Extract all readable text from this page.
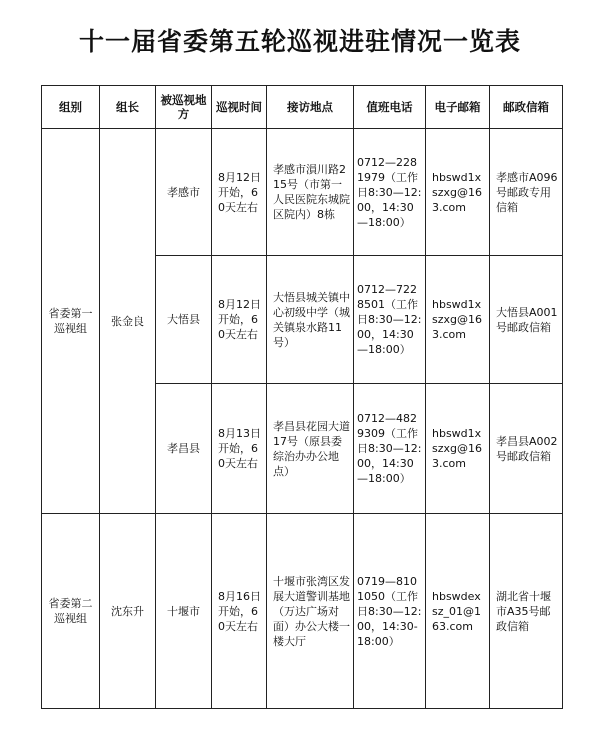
十一届省委第五轮巡视进驻情况一览表
组别	组长	被巡视地方	巡视时间	接访地点	值班电话	电子邮箱	邮政信箱
省委第一巡视组	张金良	孝感市	8月12日开始，60天左右	孝感市溳川路215号（市第一人民医院东城院区院内）8栋	0712—2281979（工作日8:30—12:00，14:30—18:00）	hbswd1xszxg@163.com	孝感市A096号邮政专用信箱
		大悟县	8月12日开始，60天左右	大悟县城关镇中心初级中学（城关镇泉水路11号）	0712—7228501（工作日8:30—12:00，14:30—18:00）	hbswd1xszxg@163.com	大悟县A001号邮政信箱
		孝昌县	8月13日开始，60天左右	孝昌县花园大道17号（原县委综治办办公地点）	0712—4829309（工作日8:30—12:00，14:30—18:00）	hbswd1xszxg@163.com	孝昌县A002号邮政信箱
省委第二巡视组	沈东升	十堰市	8月16日开始，60天左右	十堰市张湾区发展大道警训基地（万达广场对面）办公大楼一楼大厅	0719—8101050（工作日8:30—12:00，14:30-18:00）	hbswdexsz_01@163.com	湖北省十堰市A35号邮政信箱
